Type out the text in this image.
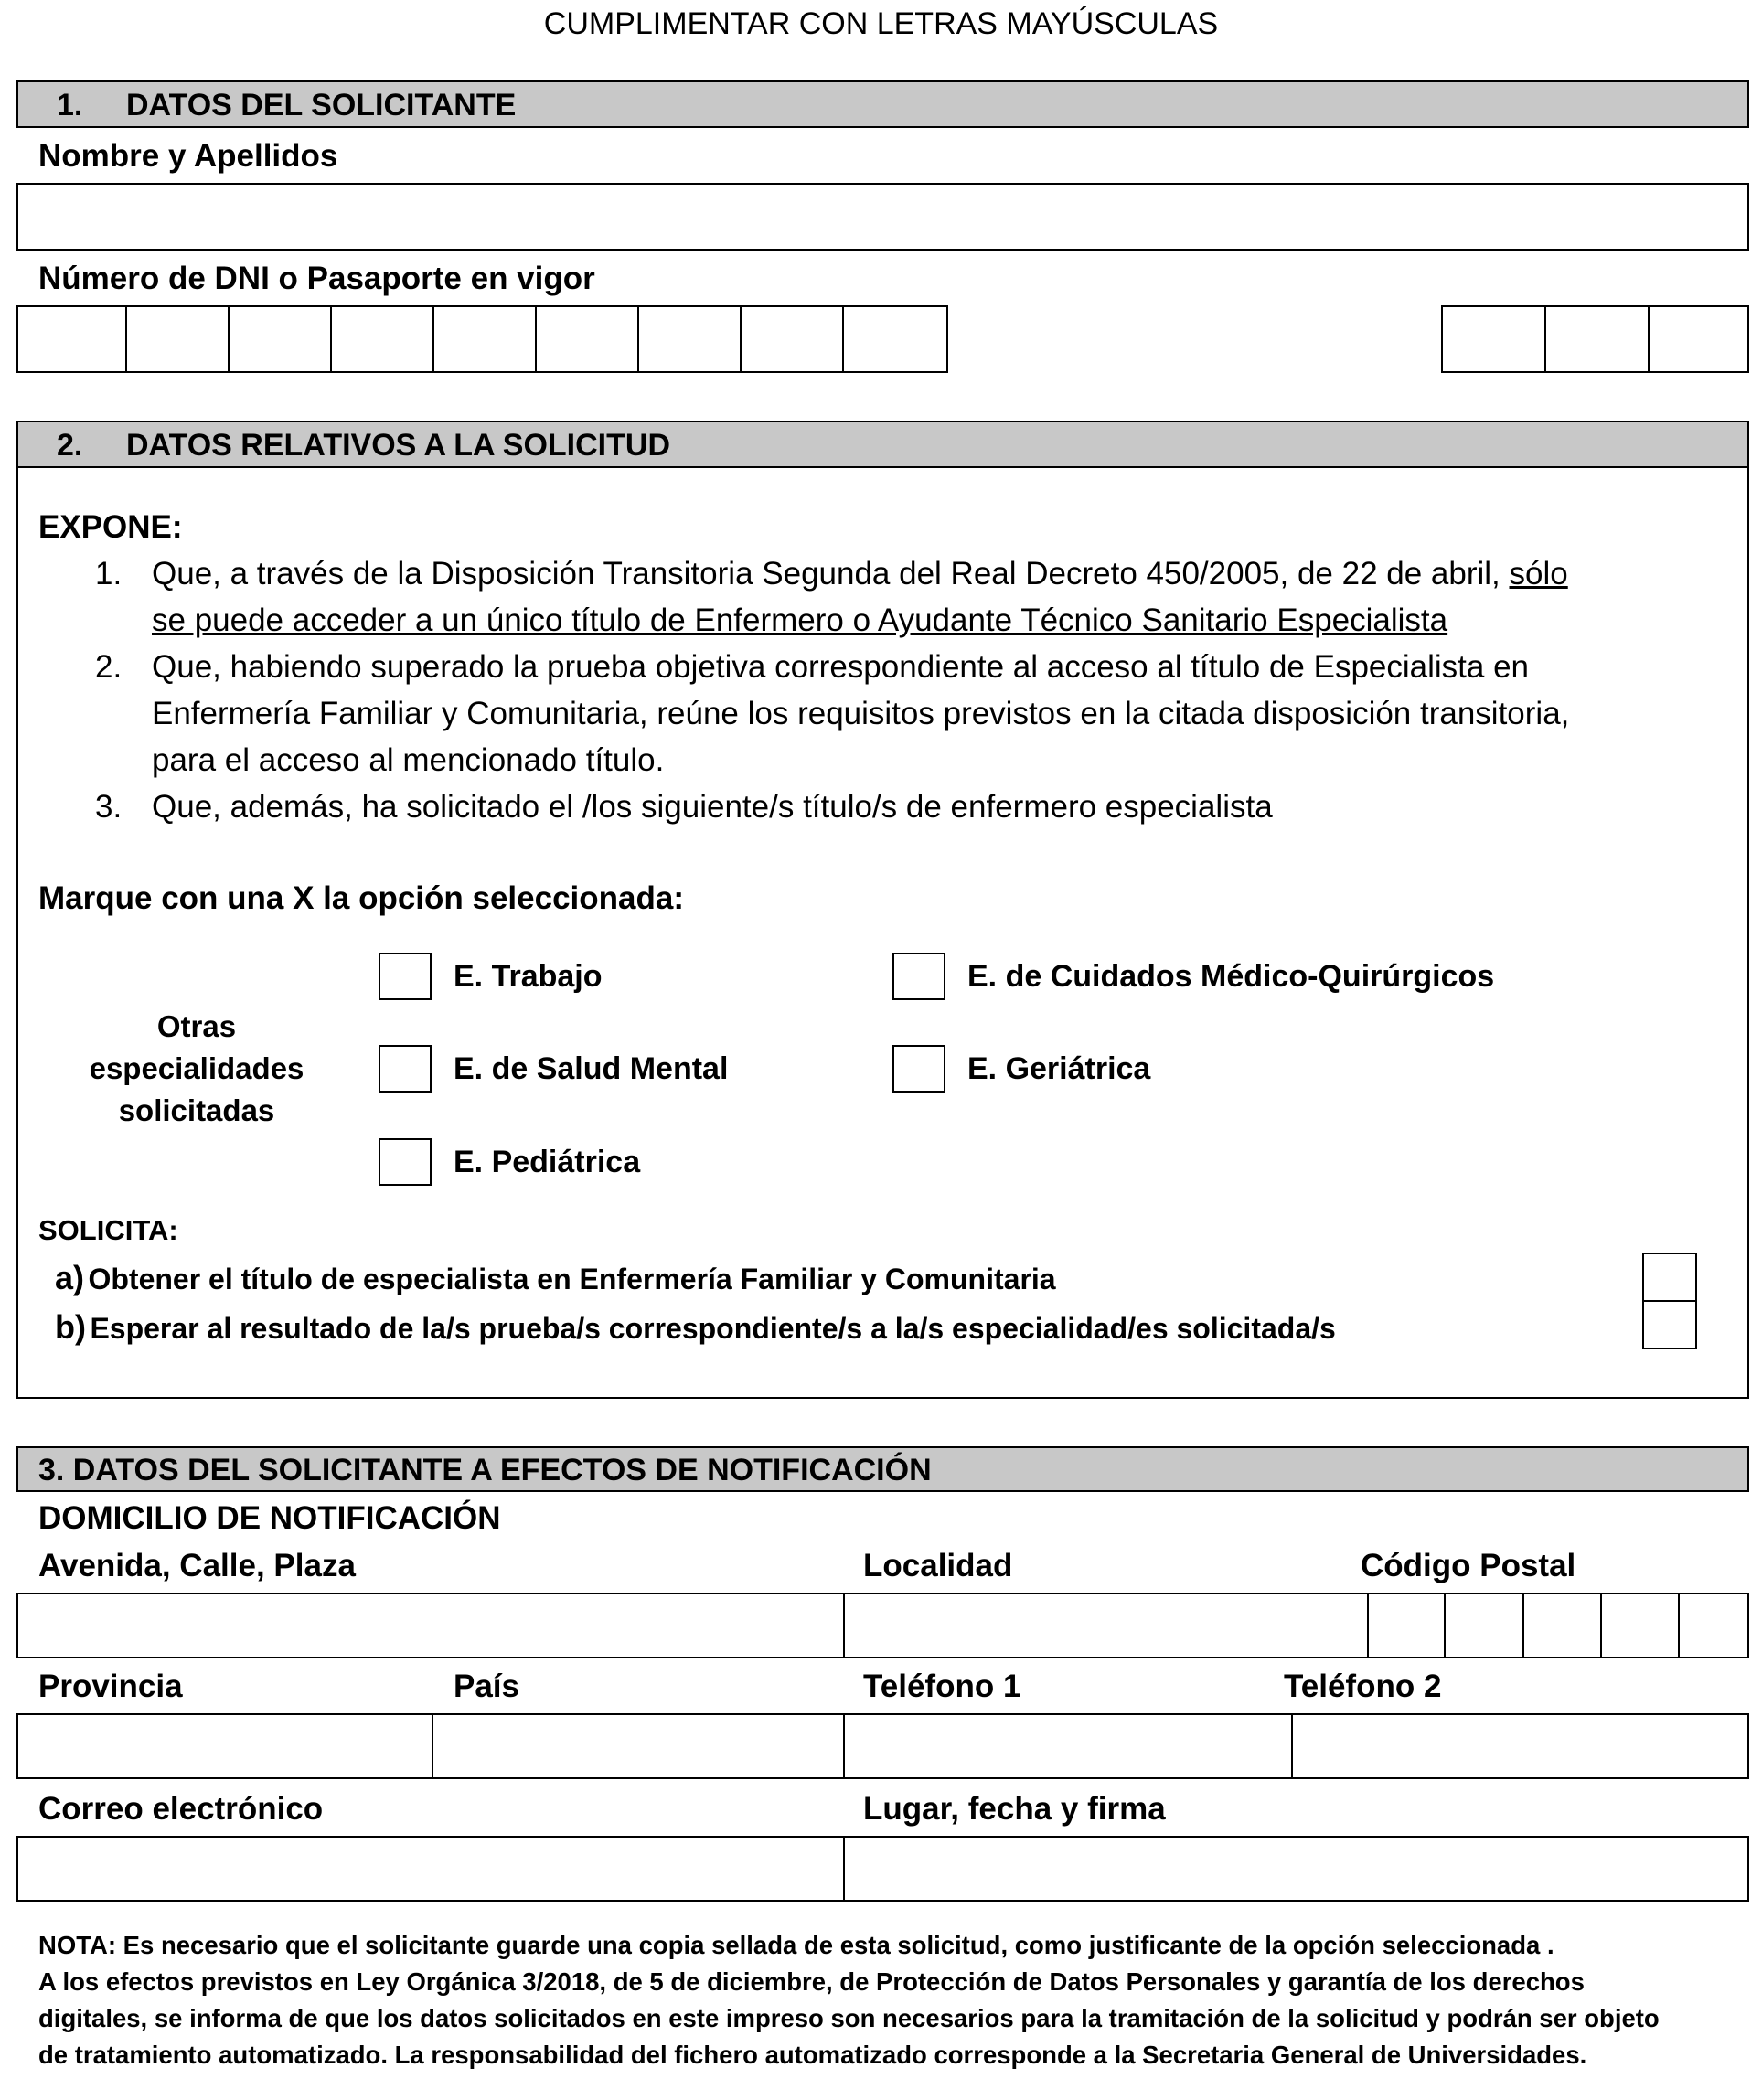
CUMPLIMENTAR CON LETRAS MAYÚSCULAS
1. DATOS DEL SOLICITANTE
Nombre y Apellidos
Número de DNI o Pasaporte en vigor
2. DATOS RELATIVOS A LA SOLICITUD
EXPONE:
1. Que, a través de la Disposición Transitoria Segunda del Real Decreto 450/2005, de 22 de abril, sólo
se puede acceder a un único título de Enfermero o Ayudante Técnico Sanitario Especialista
2. Que, habiendo superado la prueba objetiva correspondiente al acceso al título de Especialista en
Enfermería Familiar y Comunitaria, reúne los requisitos previstos en la citada disposición transitoria,
para el acceso al mencionado título.
3. Que, además, ha solicitado el /los siguiente/s título/s de enfermero especialista
Marque con una X la opción seleccionada:
Otras
especialidades
solicitadas
E. Trabajo
E. de Salud Mental
E. Pediátrica
E. de Cuidados Médico-Quirúrgicos
E. Geriátrica
SOLICITA:
a) Obtener el título de especialista en Enfermería Familiar y Comunitaria
b) Esperar al resultado de la/s prueba/s correspondiente/s a la/s especialidad/es solicitada/s
3. DATOS DEL SOLICITANTE A EFECTOS DE NOTIFICACIÓN
DOMICILIO DE NOTIFICACIÓN
Avenida, Calle, Plaza	Localidad	Código Postal
Provincia	País	Teléfono 1	Teléfono 2
Correo electrónico	Lugar, fecha y firma
NOTA: Es necesario que el solicitante guarde una copia sellada de esta solicitud, como justificante de la opción seleccionada .
A los efectos previstos en Ley Orgánica 3/2018, de 5 de diciembre, de Protección de Datos Personales y garantía de los derechos
digitales, se informa de que los datos solicitados en este impreso son necesarios para la tramitación de la solicitud y podrán ser objeto
de tratamiento automatizado. La responsabilidad del fichero automatizado corresponde a la Secretaria General de Universidades.
